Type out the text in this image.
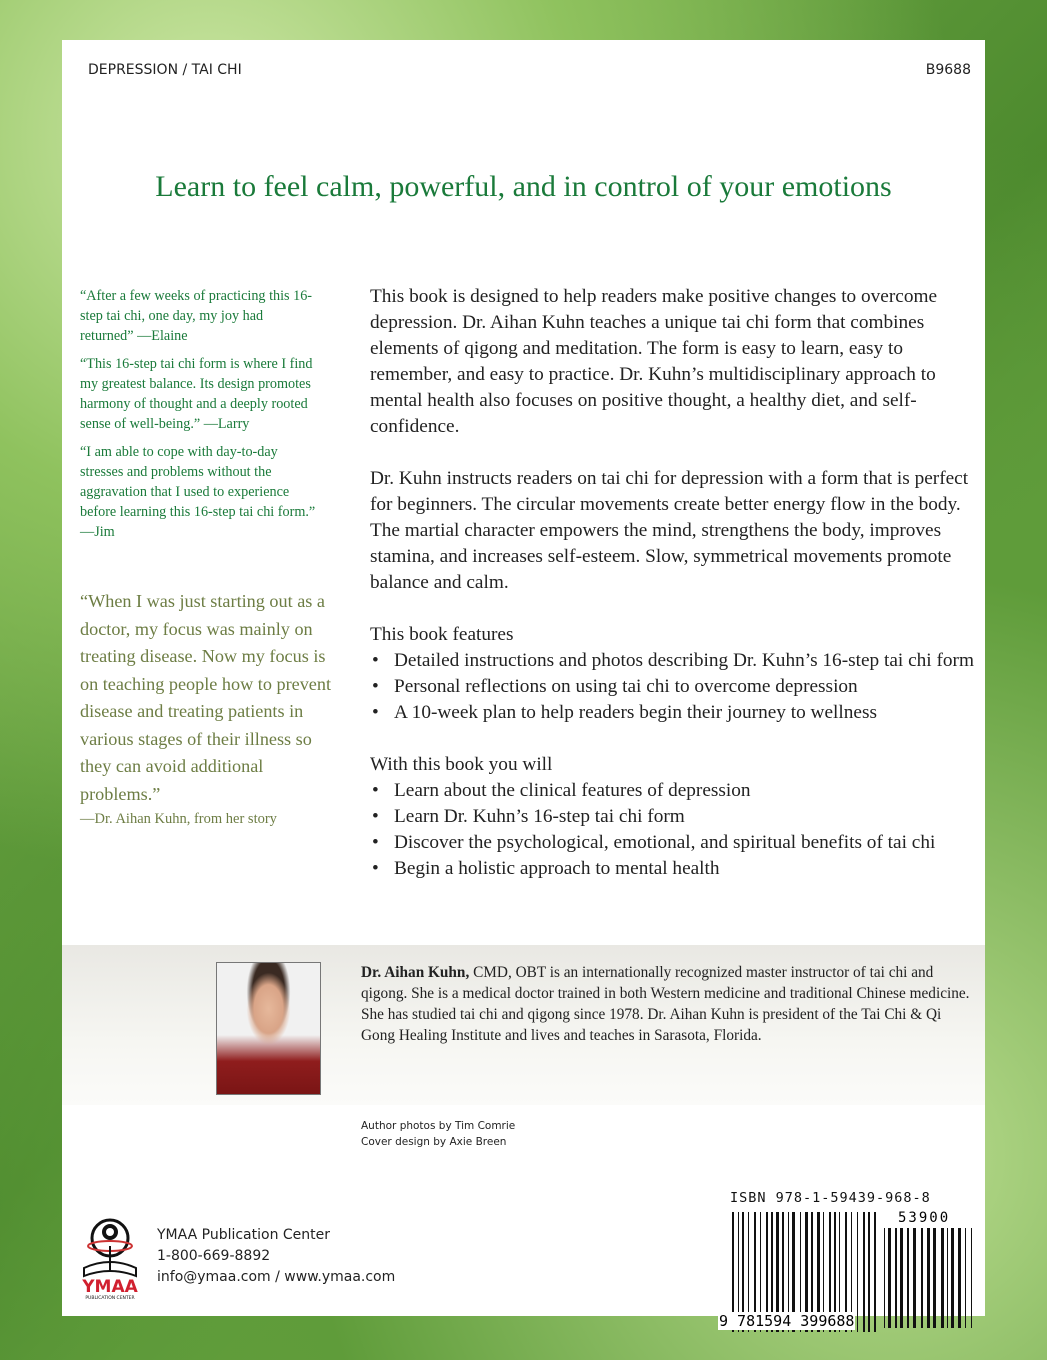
DEPRESSION / TAI CHI	B9688
Learn to feel calm, powerful, and in control of your emotions

“After a few weeks of practicing this 16-step tai chi, one day, my joy had returned” —Elaine

“This 16-step tai chi form is where I find my greatest balance. Its design promotes harmony of thought and a deeply rooted sense of well-being.” —Larry

“I am able to cope with day-to-day stresses and problems without the aggravation that I used to experience before learning this 16-step tai chi form.” —Jim

“When I was just starting out as a doctor, my focus was mainly on treating disease. Now my focus is on teaching people how to prevent disease and treating patients in various stages of their illness so they can avoid additional problems.”
—Dr. Aihan Kuhn, from her story

This book is designed to help readers make positive changes to overcome depression. Dr. Aihan Kuhn teaches a unique tai chi form that combines elements of qigong and meditation. The form is easy to learn, easy to remember, and easy to practice. Dr. Kuhn’s multidisciplinary approach to mental health also focuses on positive thought, a healthy diet, and self-confidence.

Dr. Kuhn instructs readers on tai chi for depression with a form that is perfect for beginners. The circular movements create better energy flow in the body. The martial character empowers the mind, strengthens the body, improves stamina, and increases self-esteem. Slow, symmetrical movements promote balance and calm.

This book features
• Detailed instructions and photos describing Dr. Kuhn’s 16-step tai chi form
• Personal reflections on using tai chi to overcome depression
• A 10-week plan to help readers begin their journey to wellness
With this book you will
• Learn about the clinical features of depression
• Learn Dr. Kuhn’s 16-step tai chi form
• Discover the psychological, emotional, and spiritual benefits of tai chi
• Begin a holistic approach to mental health
Dr. Aihan Kuhn, CMD, OBT is an internationally recognized master instructor of tai chi and qigong. She is a medical doctor trained in both Western medicine and traditional Chinese medicine. She has studied tai chi and qigong since 1978. Dr. Aihan Kuhn is president of the Tai Chi & Qi Gong Healing Institute and lives and teaches in Sarasota, Florida.
Author photos by Tim Comrie
Cover design by Axie Breen
YMAA
PUBLICATION CENTER
YMAA Publication Center
1-800-669-8892
info@ymaa.com / www.ymaa.com
ISBN 978-1-59439-968-8
53900
9 781594 399688
